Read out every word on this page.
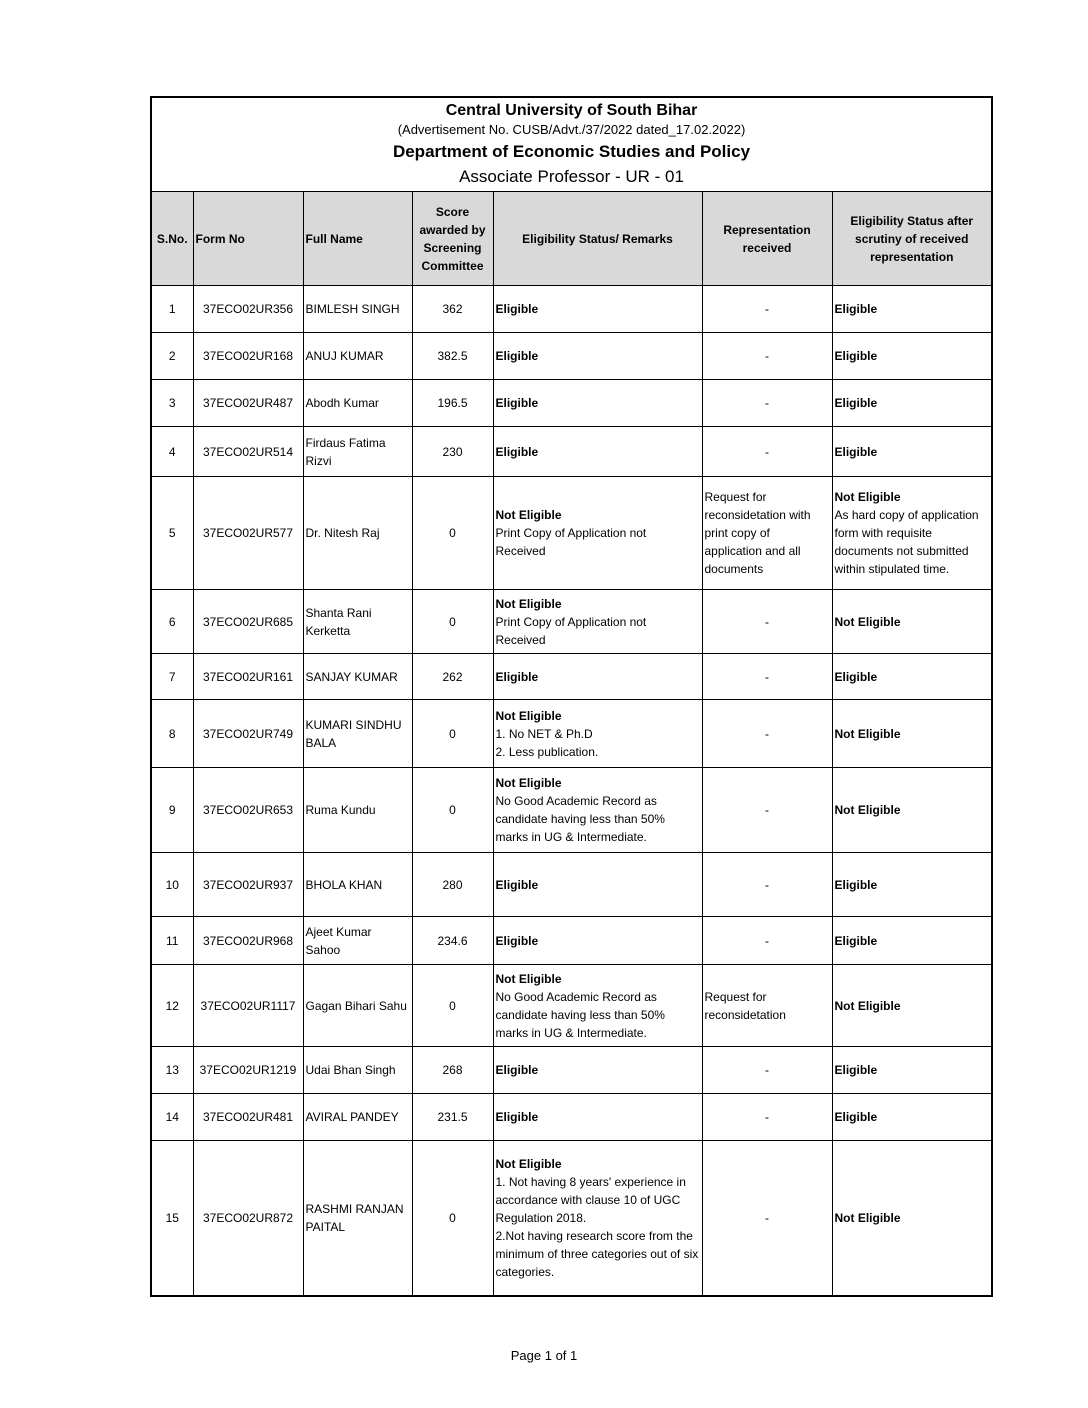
Central University of South Bihar
(Advertisement No. CUSB/Advt./37/2022 dated_17.02.2022)
Department of Economic Studies and Policy
Associate Professor - UR - 01						

S.No.	Form No	Full Name	Score awarded by Screening Committee	Eligibility Status/ Remarks	Representation received	Eligibility Status after scrutiny of received representation
1	37ECO02UR356	BIMLESH SINGH	362	Eligible	-	Eligible

2	37ECO02UR168	ANUJ KUMAR	382.5	Eligible	-	Eligible

3	37ECO02UR487	Abodh Kumar	196.5	Eligible	-	Eligible

4	37ECO02UR514	Firdaus Fatima Rizvi	230	Eligible	-	Eligible

5	37ECO02UR577	Dr. Nitesh Raj	0	Not Eligible
Print Copy of Application not Received	Request for reconsidetation with print copy of application and all documents	Not Eligible
As hard copy of application form with requisite documents not submitted within stipulated time.

6	37ECO02UR685	Shanta Rani Kerketta	0	Not Eligible
Print Copy of Application not Received	-	Not Eligible

7	37ECO02UR161	SANJAY KUMAR	262	Eligible	-	Eligible

8	37ECO02UR749	KUMARI SINDHU BALA	0	Not Eligible
1. No NET & Ph.D
2. Less publication.	-	Not Eligible

9	37ECO02UR653	Ruma Kundu	0	Not Eligible
No Good Academic Record as candidate having less than 50% marks in UG & Intermediate.	-	Not Eligible

10	37ECO02UR937	BHOLA KHAN	280	Eligible	-	Eligible

11	37ECO02UR968	Ajeet Kumar Sahoo	234.6	Eligible	-	Eligible

12	37ECO02UR1117	Gagan Bihari Sahu	0	Not Eligible
No Good Academic Record as candidate having less than 50% marks in UG & Intermediate.	Request for reconsidetation	Not Eligible

13	37ECO02UR1219	Udai Bhan Singh	268	Eligible	-	Eligible

14	37ECO02UR481	AVIRAL PANDEY	231.5	Eligible	-	Eligible

15	37ECO02UR872	RASHMI RANJAN PAITAL	0	Not Eligible
1. Not having 8 years' experience in accordance with clause 10 of UGC Regulation 2018.
2.Not having research score from the minimum of three categories out of six categories.	-	Not Eligible
Page 1 of 1
